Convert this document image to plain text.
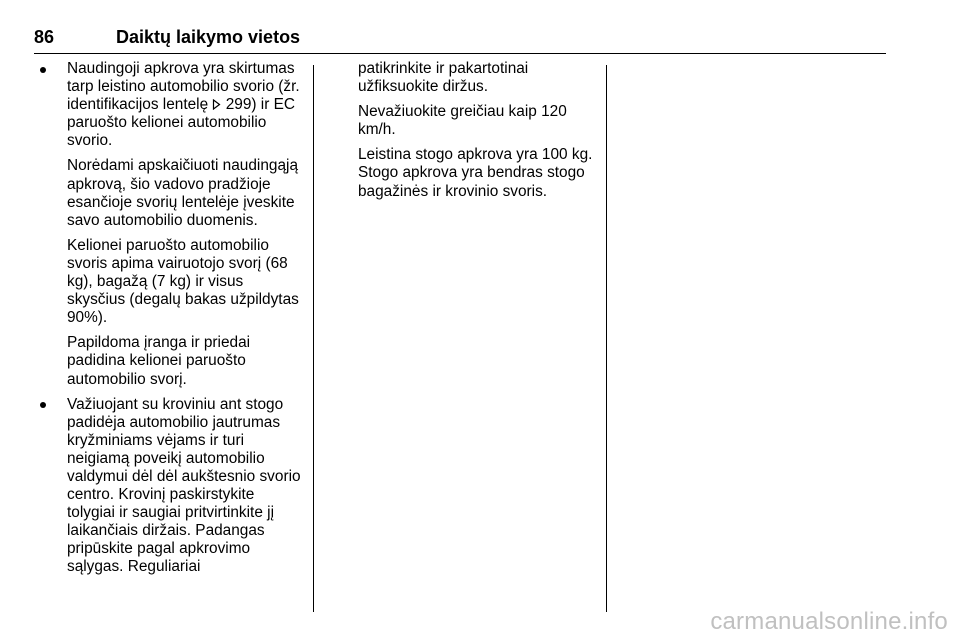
86	Daiktų laikymo vietos

Naudingoji apkrova yra skirtumas tarp leistino automobilio svorio (žr. identifikacijos lentelę  299) ir EC paruošto kelionei automobilio svorio.

Norėdami apskaičiuoti naudingąją apkrovą, šio vadovo pradžioje esančioje svorių lentelėje įveskite savo automobilio duomenis.

Kelionei paruošto automobilio svoris apima vairuotojo svorį (68 kg), bagažą (7 kg) ir visus skysčius (degalų bakas užpildytas 90%).

Papildoma įranga ir priedai padidina kelionei paruošto automobilio svorį.

Važiuojant su kroviniu ant stogo padidėja automobilio jautrumas kryžminiams vėjams ir turi neigiamą poveikį automobilio valdymui dėl dėl aukštesnio svorio centro. Krovinį paskirstykite tolygiai ir saugiai pritvirtinkite jį laikančiais diržais. Padangas pripūskite pagal apkrovimo sąlygas. Reguliariai

patikrinkite ir pakartotinai užfiksuokite diržus.

Nevažiuokite greičiau kaip 120 km/h.

Leistina stogo apkrova yra 100 kg. Stogo apkrova yra bendras stogo bagažinės ir krovinio svoris.

carmanualsonline.info
